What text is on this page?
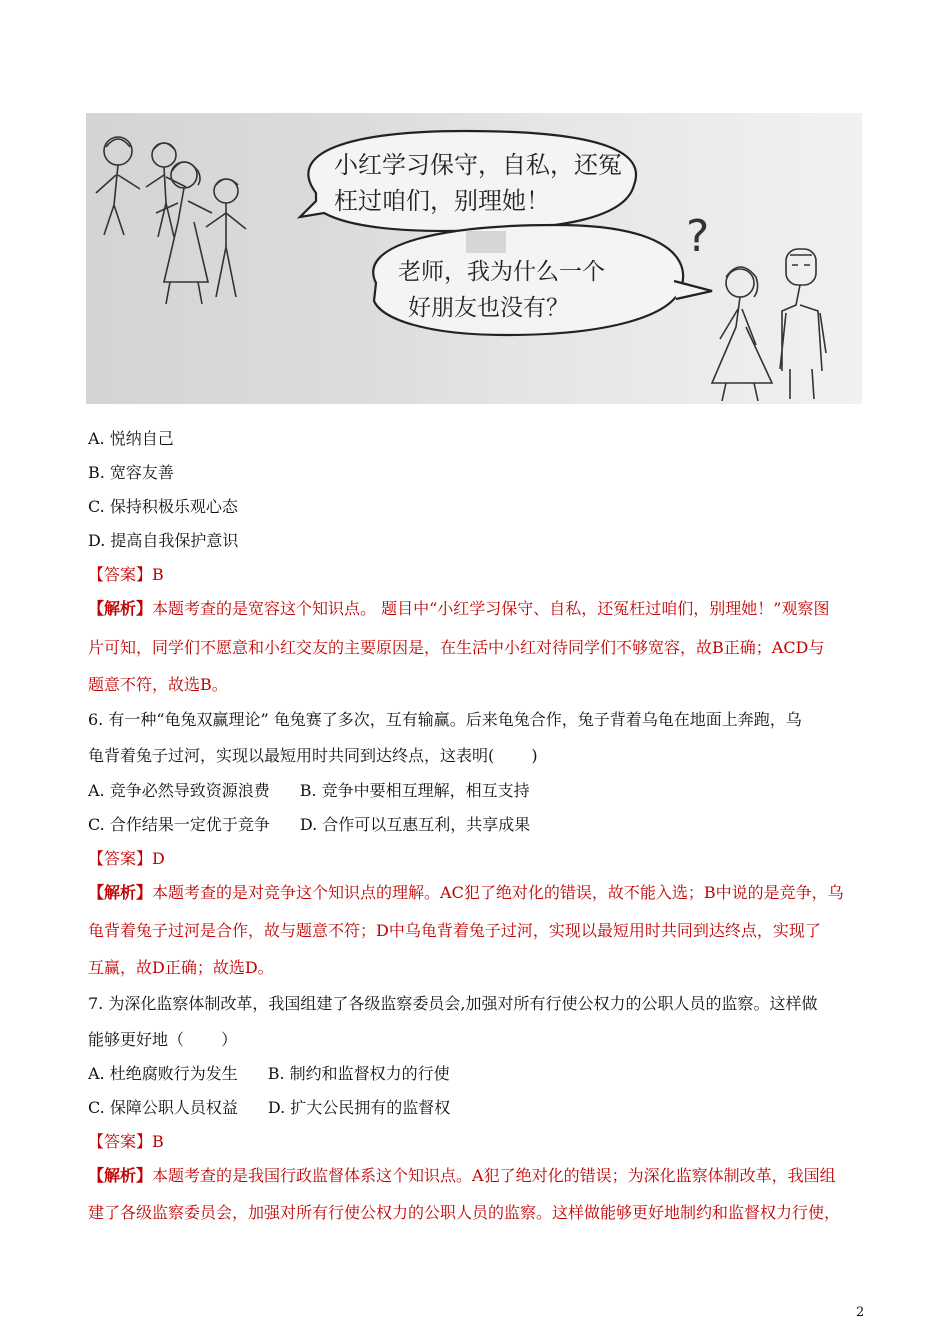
小红学习保守，自私，还冤
枉过咱们，别理她！
老师，我为什么一个
好朋友也没有？
?
A. 悦纳自己
B. 宽容友善
C. 保持积极乐观心态
D. 提高自我保护意识
【答案】B
【解析】本题考查的是宽容这个知识点。 题目中“小红学习保守、自私，还冤枉过咱们，别理她！”观察图
片可知，同学们不愿意和小红交友的主要原因是，在生活中小红对待同学们不够宽容，故B正确；ACD与
题意不符，故选B。
6. 有一种“龟兔双赢理论” 龟兔赛了多次，互有输赢。后来龟兔合作，兔子背着乌龟在地面上奔跑，乌
龟背着兔子过河，实现以最短用时共同到达终点，这表明(　　 )
A. 竞争必然导致资源浪费 B. 竞争中要相互理解，相互支持
C. 合作结果一定优于竞争 D. 合作可以互惠互利，共享成果
【答案】D
【解析】本题考查的是对竞争这个知识点的理解。AC犯了绝对化的错误，故不能入选；B中说的是竞争，乌
龟背着兔子过河是合作，故与题意不符；D中乌龟背着兔子过河，实现以最短用时共同到达终点，实现了
互赢，故D正确；故选D。
7. 为深化监察体制改革，我国组建了各级监察委员会,加强对所有行使公权力的公职人员的监察。这样做
能够更好地（　　 ）
A. 杜绝腐败行为发生 B. 制约和监督权力的行使
C. 保障公职人员权益 D. 扩大公民拥有的监督权
【答案】B
【解析】本题考查的是我国行政监督体系这个知识点。A犯了绝对化的错误；为深化监察体制改革，我国组
建了各级监察委员会，加强对所有行使公权力的公职人员的监察。这样做能够更好地制约和监督权力行使，
2
